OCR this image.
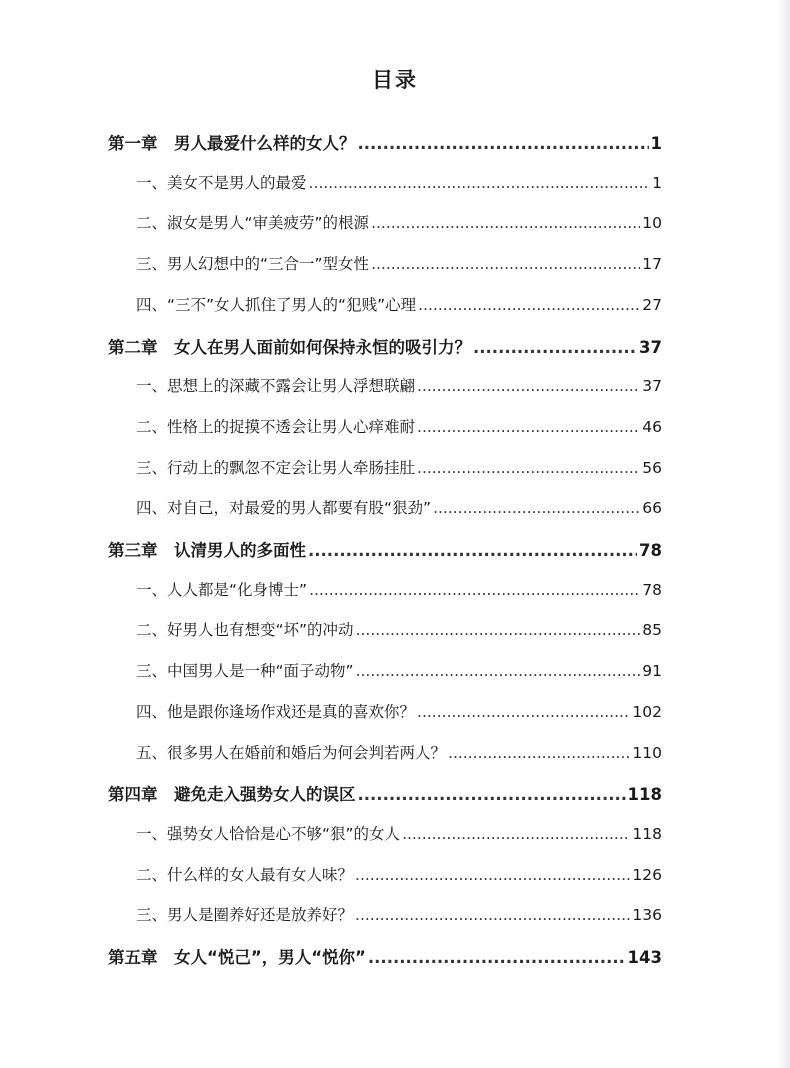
目录
第一章　男人最爱什么样的女人？ .....	1
一、美女不是男人的最爱 .....	1
二、淑女是男人“审美疲劳”的根源 .....	10
三、男人幻想中的“三合一”型女性 .....	17
四、“三不”女人抓住了男人的“犯贱”心理 .....	27
第二章　女人在男人面前如何保持永恒的吸引力？ .....	37
一、思想上的深藏不露会让男人浮想联翩 .....	37
二、性格上的捉摸不透会让男人心痒难耐 .....	46
三、行动上的飘忽不定会让男人牵肠挂肚 .....	56
四、对自己，对最爱的男人都要有股“狠劲” .....	66
第三章　认清男人的多面性 .....	78
一、人人都是“化身博士” .....	78
二、好男人也有想变“坏”的冲动 .....	85
三、中国男人是一种“面子动物” .....	91
四、他是跟你逢场作戏还是真的喜欢你？ .....	102
五、很多男人在婚前和婚后为何会判若两人？ .....	110
第四章　避免走入强势女人的误区 .....	118
一、强势女人恰恰是心不够“狠”的女人 .....	118
二、什么样的女人最有女人味？ .....	126
三、男人是圈养好还是放养好？ .....	136
第五章　女人“悦己”，男人“悦你” .....	143
